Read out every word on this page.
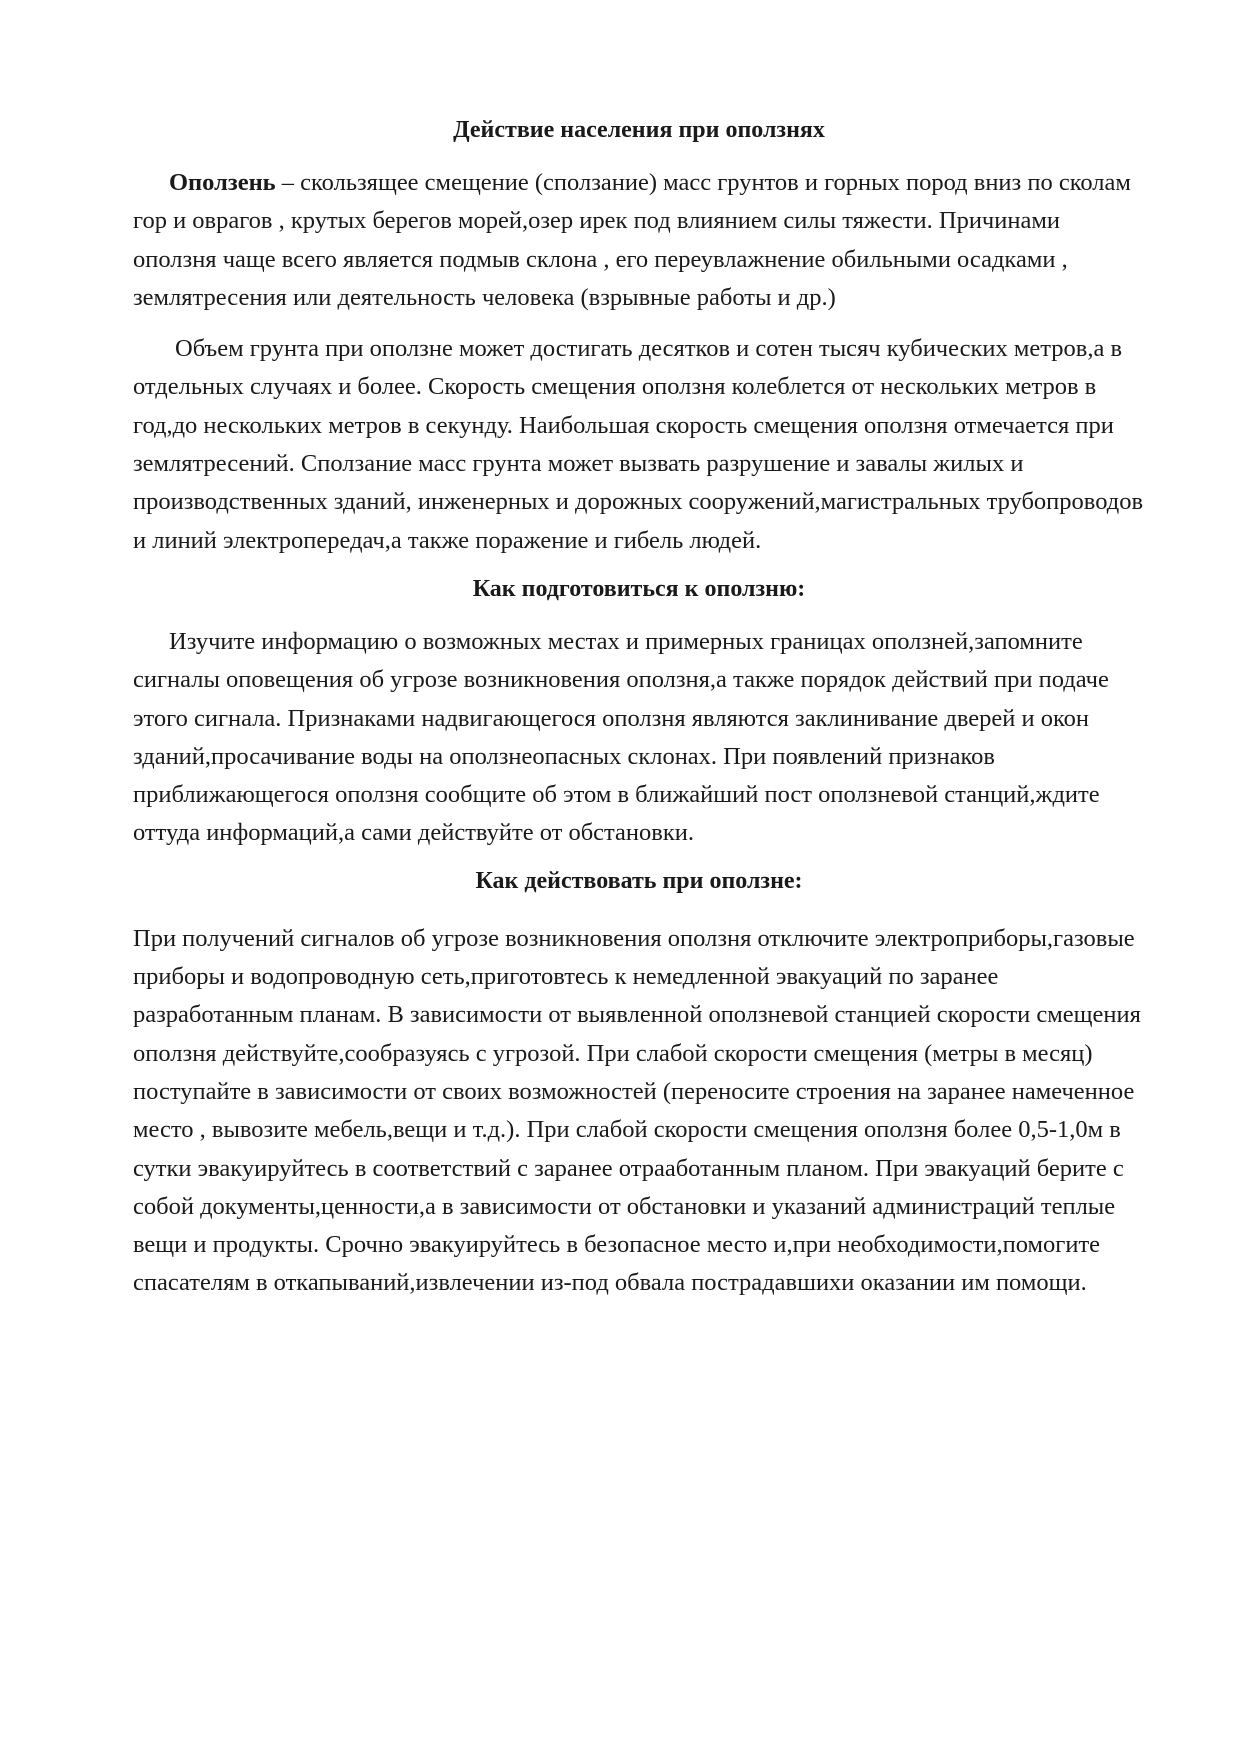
Действие населения при оползнях

Оползень – скользящее смещение (сползание) масс грунтов и горных пород вниз по сколам гор и оврагов , крутых берегов морей,озер ирек под влиянием силы тяжести. Причинами оползня чаще всего является подмыв склона , его переувлажнение обильными осадками , землятресения или деятельность человека (взрывные работы и др.)

Объем грунта при оползне может достигать десятков и сотен тысяч кубических метров,а в отдельных случаях и более. Скорость смещения оползня колеблется от нескольких метров в год,до нескольких метров в секунду. Наибольшая скорость смещения оползня отмечается при землятресений. Сползание масс грунта может вызвать разрушение и завалы жилых и производственных зданий, инженерных и дорожных сооружений,магистральных трубопроводов и линий электропередач,а также поражение и гибель людей.

Как подготовиться к оползню:

Изучите информацию о возможных местах и примерных границах оползней,запомните сигналы оповещения об угрозе возникновения оползня,а также порядок действий при подаче этого сигнала. Признаками надвигающегося оползня являются заклинивание дверей и окон зданий,просачивание воды на оползнеопасных склонах. При появлений признаков приближающегося оползня сообщите об этом в ближайший пост оползневой станций,ждите оттуда информаций,а сами действуйте от обстановки.

Как действовать при оползне:

При получений сигналов об угрозе возникновения оползня отключите электроприборы,газовые приборы и водопроводную сеть,приготовтесь к немедленной эвакуаций по заранее разработанным планам. В зависимости от выявленной оползневой станцией скорости смещения оползня действуйте,сообразуясь с угрозой. При слабой скорости смещения (метры в месяц) поступайте в зависимости от своих возможностей (переносите строения на заранее намеченное место , вывозите мебель,вещи и т.д.). При слабой скорости смещения оползня более 0,5-1,0м в сутки эвакуируйтесь в соответствий с заранее отрааботанным планом. При эвакуаций берите с собой документы,ценности,а в зависимости от обстановки и указаний администраций теплые вещи и продукты. Срочно эвакуируйтесь в безопасное место и,при необходимости,помогите спасателям в откапываний,извлечении из-под обвала пострадавшихи оказании им помощи.
